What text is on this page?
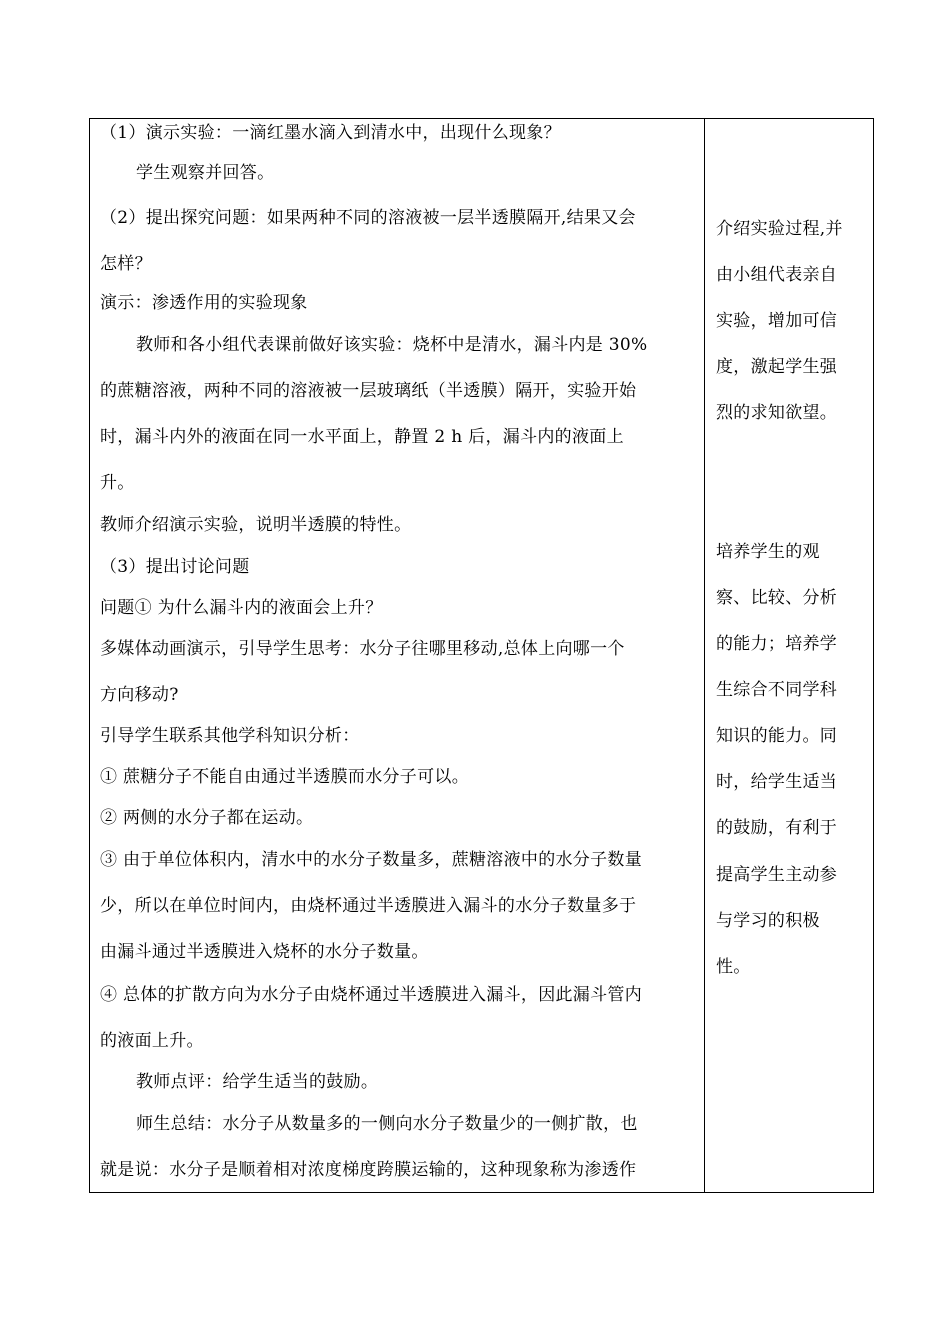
（1）演示实验：一滴红墨水滴入到清水中，出现什么现象？
学生观察并回答。
（2）提出探究问题：如果两种不同的溶液被一层半透膜隔开,结果又会
怎样？
演示：渗透作用的实验现象
教师和各小组代表课前做好该实验：烧杯中是清水，漏斗内是 30%
的蔗糖溶液，两种不同的溶液被一层玻璃纸（半透膜）隔开，实验开始
时，漏斗内外的液面在同一水平面上，静置 2 h 后，漏斗内的液面上
升。
教师介绍演示实验，说明半透膜的特性。
（3）提出讨论问题
问题① 为什么漏斗内的液面会上升？
多媒体动画演示，引导学生思考：水分子往哪里移动,总体上向哪一个
方向移动?
引导学生联系其他学科知识分析：
① 蔗糖分子不能自由通过半透膜而水分子可以。
② 两侧的水分子都在运动。
③ 由于单位体积内，清水中的水分子数量多，蔗糖溶液中的水分子数量
少，所以在单位时间内，由烧杯通过半透膜进入漏斗的水分子数量多于
由漏斗通过半透膜进入烧杯的水分子数量。
④ 总体的扩散方向为水分子由烧杯通过半透膜进入漏斗，因此漏斗管内
的液面上升。
教师点评：给学生适当的鼓励。
师生总结：水分子从数量多的一侧向水分子数量少的一侧扩散，也
就是说：水分子是顺着相对浓度梯度跨膜运输的，这种现象称为渗透作
介绍实验过程,并
由小组代表亲自
实验，增加可信
度，激起学生强
烈的求知欲望。
培养学生的观
察、比较、分析
的能力；培养学
生综合不同学科
知识的能力。同
时，给学生适当
的鼓励，有利于
提高学生主动参
与学习的积极
性。
